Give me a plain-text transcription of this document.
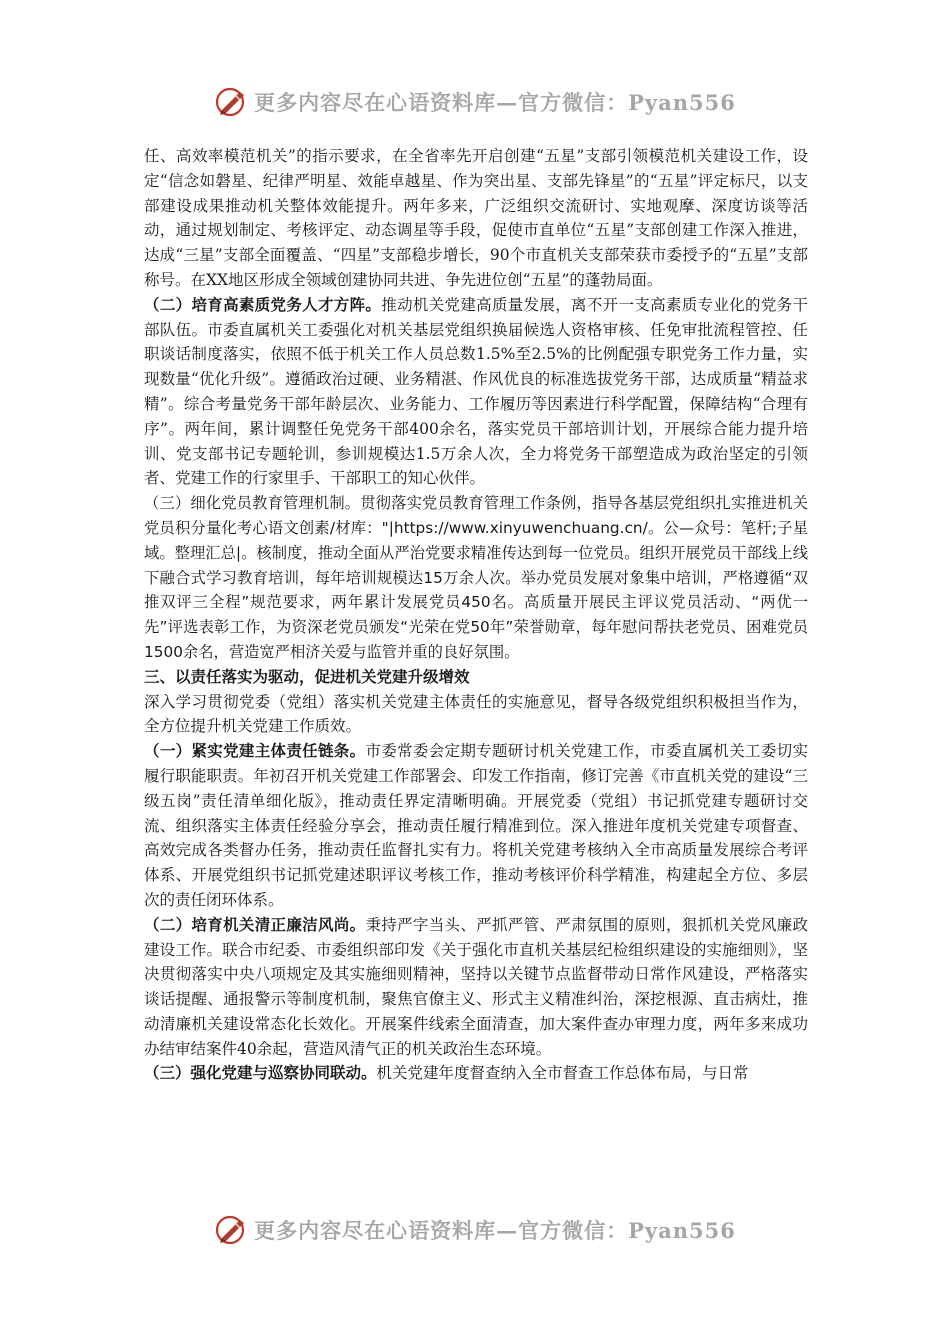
更多内容尽在心语资料库—官方微信：Pyan556

任、高效率模范机关”的指示要求，在全省率先开启创建“五星”支部引领模范机关建设工作，设定“信念如磐星、纪律严明星、效能卓越星、作为突出星、支部先锋星”的“五星”评定标尺，以支部建设成果推动机关整体效能提升。两年多来，广泛组织交流研讨、实地观摩、深度访谈等活动，通过规划制定、考核评定、动态调星等手段，促使市直单位“五星”支部创建工作深入推进，达成“三星”支部全面覆盖、“四星”支部稳步增长，90个市直机关支部荣获市委授予的“五星”支部称号。在XX地区形成全领域创建协同共进、争先进位创“五星”的蓬勃局面。

（二）培育高素质党务人才方阵。推动机关党建高质量发展，离不开一支高素质专业化的党务干部队伍。市委直属机关工委强化对机关基层党组织换届候选人资格审核、任免审批流程管控、任职谈话制度落实，依照不低于机关工作人员总数1.5%至2.5%的比例配强专职党务工作力量，实现数量“优化升级”。遵循政治过硬、业务精湛、作风优良的标准选拔党务干部，达成质量“精益求精”。综合考量党务干部年龄层次、业务能力、工作履历等因素进行科学配置，保障结构“合理有序”。两年间，累计调整任免党务干部400余名，落实党员干部培训计划，开展综合能力提升培训、党支部书记专题轮训，参训规模达1.5万余人次，全力将党务干部塑造成为政治坚定的引领者、党建工作的行家里手、干部职工的知心伙伴。

（三）细化党员教育管理机制。贯彻落实党员教育管理工作条例，指导各基层党组织扎实推进机关党员积分量化考心语文创素/材库："|https://www.xinyuwenchuang.cn/。公—众号：笔杆;子星域。整理汇总|。核制度，推动全面从严治党要求精准传达到每一位党员。组织开展党员干部线上线下融合式学习教育培训，每年培训规模达15万余人次。举办党员发展对象集中培训，严格遵循“双推双评三全程”规范要求，两年累计发展党员450名。高质量开展民主评议党员活动、“两优一先”评选表彰工作，为资深老党员颁发“光荣在党50年”荣誉勋章，每年慰问帮扶老党员、困难党员1500余名，营造宽严相济关爱与监管并重的良好氛围。

三、以责任落实为驱动，促进机关党建升级增效

深入学习贯彻党委（党组）落实机关党建主体责任的实施意见，督导各级党组织积极担当作为，全方位提升机关党建工作质效。

（一）紧实党建主体责任链条。市委常委会定期专题研讨机关党建工作，市委直属机关工委切实履行职能职责。年初召开机关党建工作部署会、印发工作指南，修订完善《市直机关党的建设“三级五岗”责任清单细化版》，推动责任界定清晰明确。开展党委（党组）书记抓党建专题研讨交流、组织落实主体责任经验分享会，推动责任履行精准到位。深入推进年度机关党建专项督查、高效完成各类督办任务，推动责任监督扎实有力。将机关党建考核纳入全市高质量发展综合考评体系、开展党组织书记抓党建述职评议考核工作，推动考核评价科学精准，构建起全方位、多层次的责任闭环体系。

（二）培育机关清正廉洁风尚。秉持严字当头、严抓严管、严肃氛围的原则，狠抓机关党风廉政建设工作。联合市纪委、市委组织部印发《关于强化市直机关基层纪检组织建设的实施细则》，坚决贯彻落实中央八项规定及其实施细则精神，坚持以关键节点监督带动日常作风建设，严格落实谈话提醒、通报警示等制度机制，聚焦官僚主义、形式主义精准纠治，深挖根源、直击病灶，推动清廉机关建设常态化长效化。开展案件线索全面清查，加大案件查办审理力度，两年多来成功办结审结案件40余起，营造风清气正的机关政治生态环境。

（三）强化党建与巡察协同联动。机关党建年度督查纳入全市督查工作总体布局，与日常

更多内容尽在心语资料库—官方微信：Pyan556
